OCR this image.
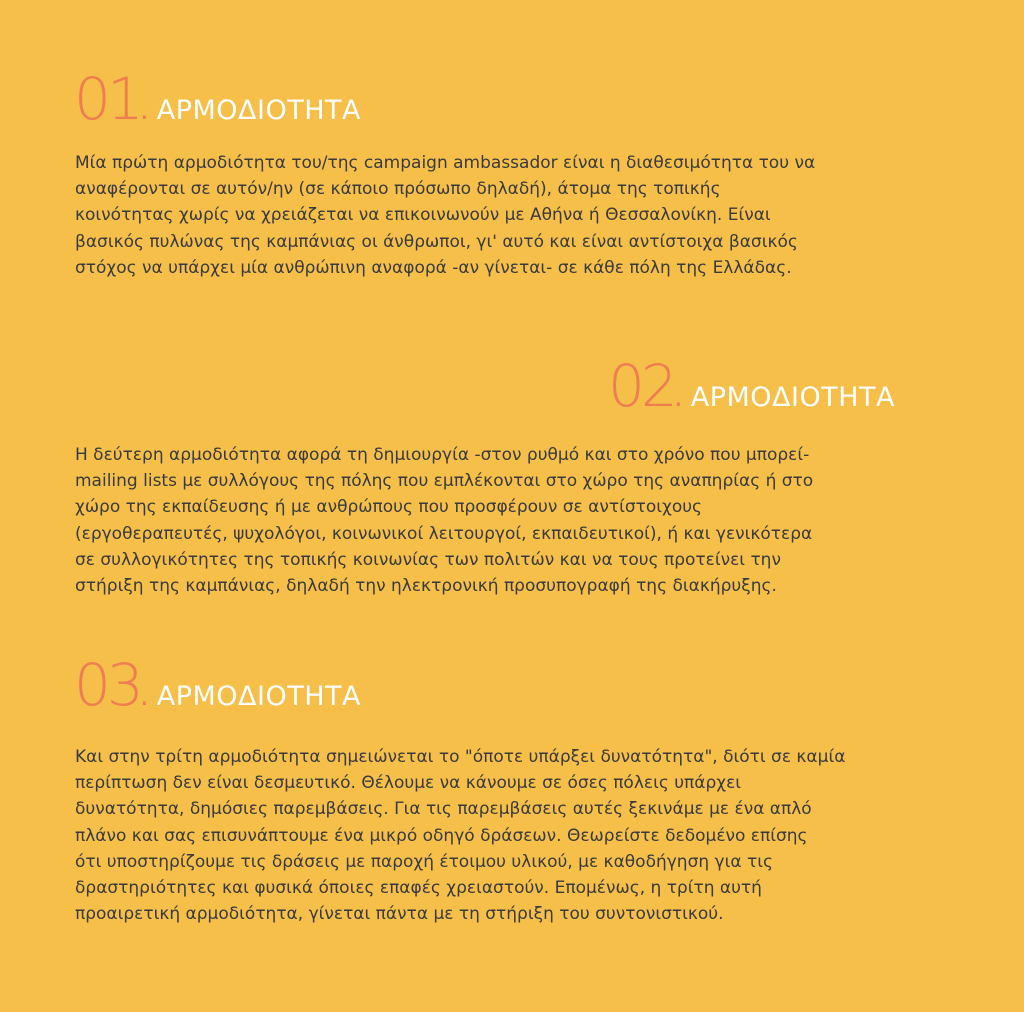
01. ΑΡΜΟΔΙΟΤΗΤΑ
Μία πρώτη αρμοδιότητα του/της campaign ambassador είναι η διαθεσιμότητα του να
αναφέρονται σε αυτόν/ην (σε κάποιο πρόσωπο δηλαδή), άτομα της τοπικής
κοινότητας χωρίς να χρειάζεται να επικοινωνούν με Αθήνα ή Θεσσαλονίκη. Είναι
βασικός πυλώνας της καμπάνιας οι άνθρωποι, γι' αυτό και είναι αντίστοιχα βασικός
στόχος να υπάρχει μία ανθρώπινη αναφορά -αν γίνεται- σε κάθε πόλη της Ελλάδας.
02. ΑΡΜΟΔΙΟΤΗΤΑ
Η δεύτερη αρμοδιότητα αφορά τη δημιουργία -στον ρυθμό και στο χρόνο που μπορεί-
mailing lists με συλλόγους της πόλης που εμπλέκονται στο χώρο της αναπηρίας ή στο
χώρο της εκπαίδευσης ή με ανθρώπους που προσφέρουν σε αντίστοιχους
(εργοθεραπευτές, ψυχολόγοι, κοινωνικοί λειτουργοί, εκπαιδευτικοί), ή και γενικότερα
σε συλλογικότητες της τοπικής κοινωνίας των πολιτών και να τους προτείνει την
στήριξη της καμπάνιας, δηλαδή την ηλεκτρονική προσυπογραφή της διακήρυξης.
03. ΑΡΜΟΔΙΟΤΗΤΑ
Και στην τρίτη αρμοδιότητα σημειώνεται το "όποτε υπάρξει δυνατότητα", διότι σε καμία
περίπτωση δεν είναι δεσμευτικό. Θέλουμε να κάνουμε σε όσες πόλεις υπάρχει
δυνατότητα, δημόσιες παρεμβάσεις. Για τις παρεμβάσεις αυτές ξεκινάμε με ένα απλό
πλάνο και σας επισυνάπτουμε ένα μικρό οδηγό δράσεων. Θεωρείστε δεδομένο επίσης
ότι υποστηρίζουμε τις δράσεις με παροχή έτοιμου υλικού, με καθοδήγηση για τις
δραστηριότητες και φυσικά όποιες επαφές χρειαστούν. Επομένως, η τρίτη αυτή
προαιρετική αρμοδιότητα, γίνεται πάντα με τη στήριξη του συντονιστικού.
